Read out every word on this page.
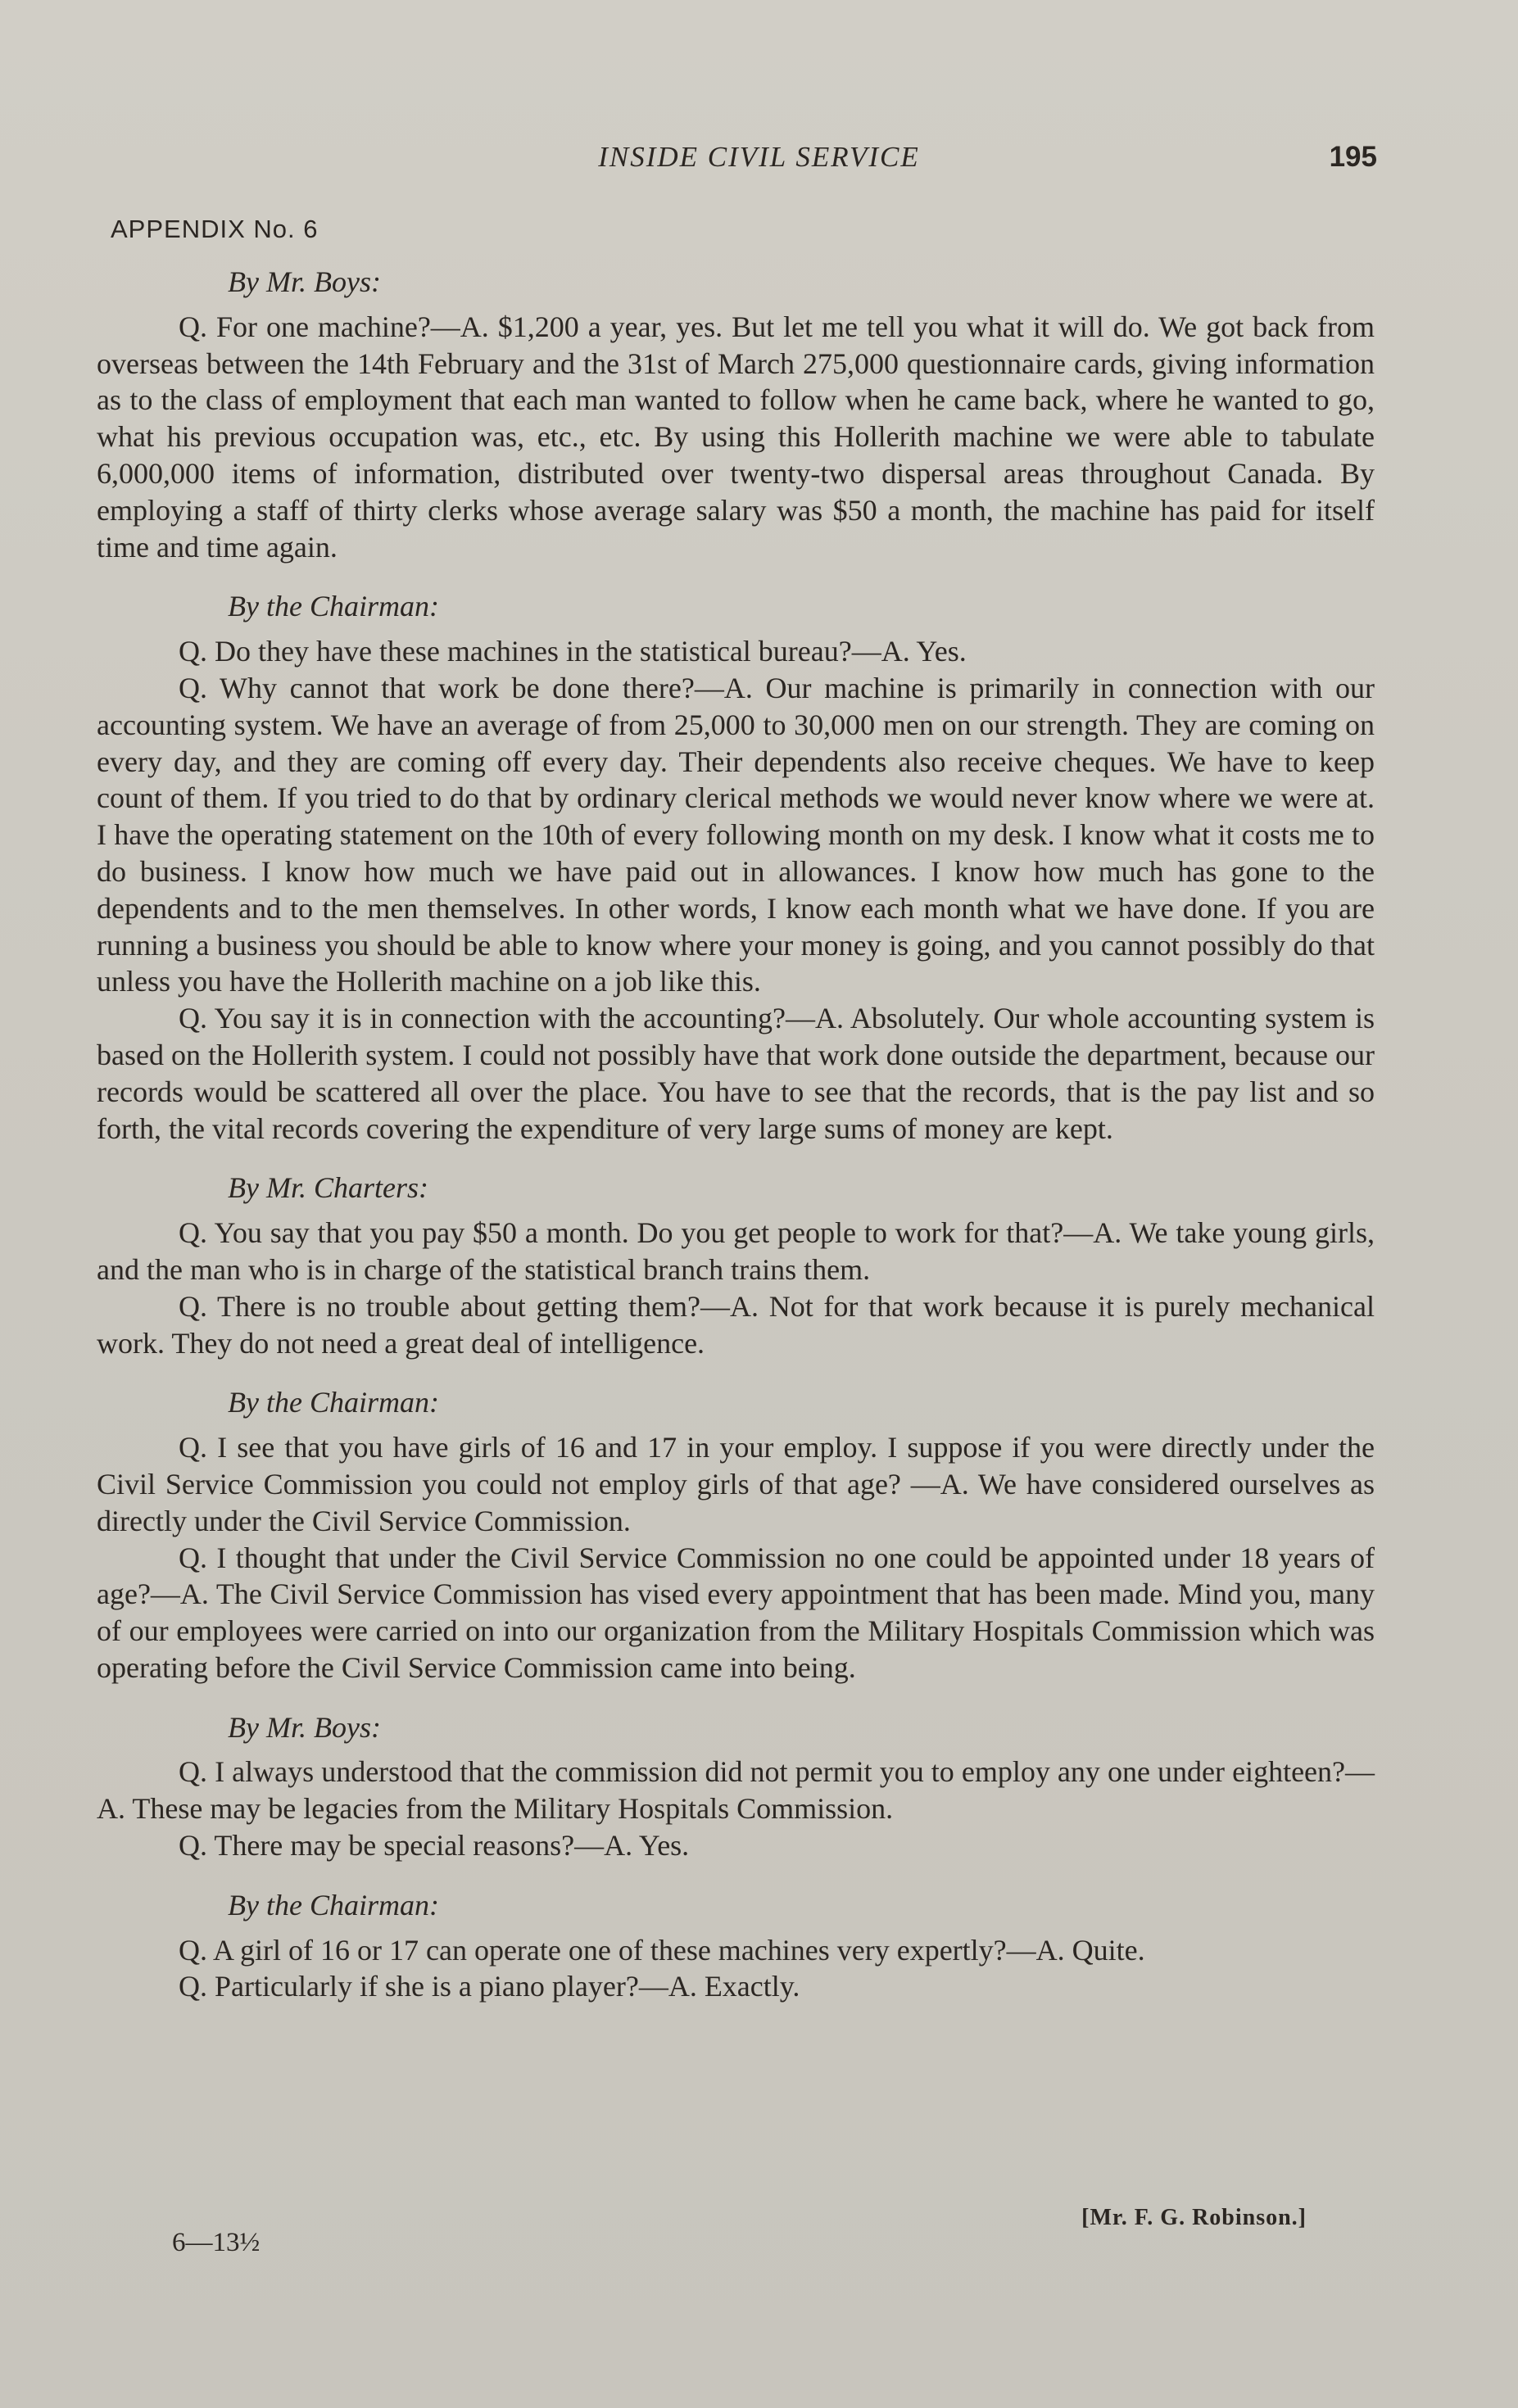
INSIDE CIVIL SERVICE	195
APPENDIX No. 6
By Mr. Boys:

Q. For one machine?—A. $1,200 a year, yes. But let me tell you what it will do. We got back from overseas between the 14th February and the 31st of March 275,000 questionnaire cards, giving information as to the class of employment that each man wanted to follow when he came back, where he wanted to go, what his previous occupation was, etc., etc. By using this Hollerith machine we were able to tabulate 6,000,000 items of information, distributed over twenty-two dispersal areas throughout Canada. By employing a staff of thirty clerks whose average salary was $50 a month, the machine has paid for itself time and time again.

By the Chairman:

Q. Do they have these machines in the statistical bureau?—A. Yes.

Q. Why cannot that work be done there?—A. Our machine is primarily in connection with our accounting system. We have an average of from 25,000 to 30,000 men on our strength. They are coming on every day, and they are coming off every day. Their dependents also receive cheques. We have to keep count of them. If you tried to do that by ordinary clerical methods we would never know where we were at. I have the operating statement on the 10th of every following month on my desk. I know what it costs me to do business. I know how much we have paid out in allowances. I know how much has gone to the dependents and to the men themselves. In other words, I know each month what we have done. If you are running a business you should be able to know where your money is going, and you cannot possibly do that unless you have the Hollerith machine on a job like this.

Q. You say it is in connection with the accounting?—A. Absolutely. Our whole accounting system is based on the Hollerith system. I could not possibly have that work done outside the department, because our records would be scattered all over the place. You have to see that the records, that is the pay list and so forth, the vital records covering the expenditure of very large sums of money are kept.

By Mr. Charters:

Q. You say that you pay $50 a month. Do you get people to work for that?—A. We take young girls, and the man who is in charge of the statistical branch trains them.

Q. There is no trouble about getting them?—A. Not for that work because it is purely mechanical work. They do not need a great deal of intelligence.

By the Chairman:

Q. I see that you have girls of 16 and 17 in your employ. I suppose if you were directly under the Civil Service Commission you could not employ girls of that age? —A. We have considered ourselves as directly under the Civil Service Commission.

Q. I thought that under the Civil Service Commission no one could be appointed under 18 years of age?—A. The Civil Service Commission has vised every appointment that has been made. Mind you, many of our employees were carried on into our organization from the Military Hospitals Commission which was operating before the Civil Service Commission came into being.

By Mr. Boys:

Q. I always understood that the commission did not permit you to employ any one under eighteen?—A. These may be legacies from the Military Hospitals Commission.

Q. There may be special reasons?—A. Yes.

By the Chairman:

Q. A girl of 16 or 17 can operate one of these machines very expertly?—A. Quite.

Q. Particularly if she is a piano player?—A. Exactly.

[Mr. F. G. Robinson.]
6—13½
